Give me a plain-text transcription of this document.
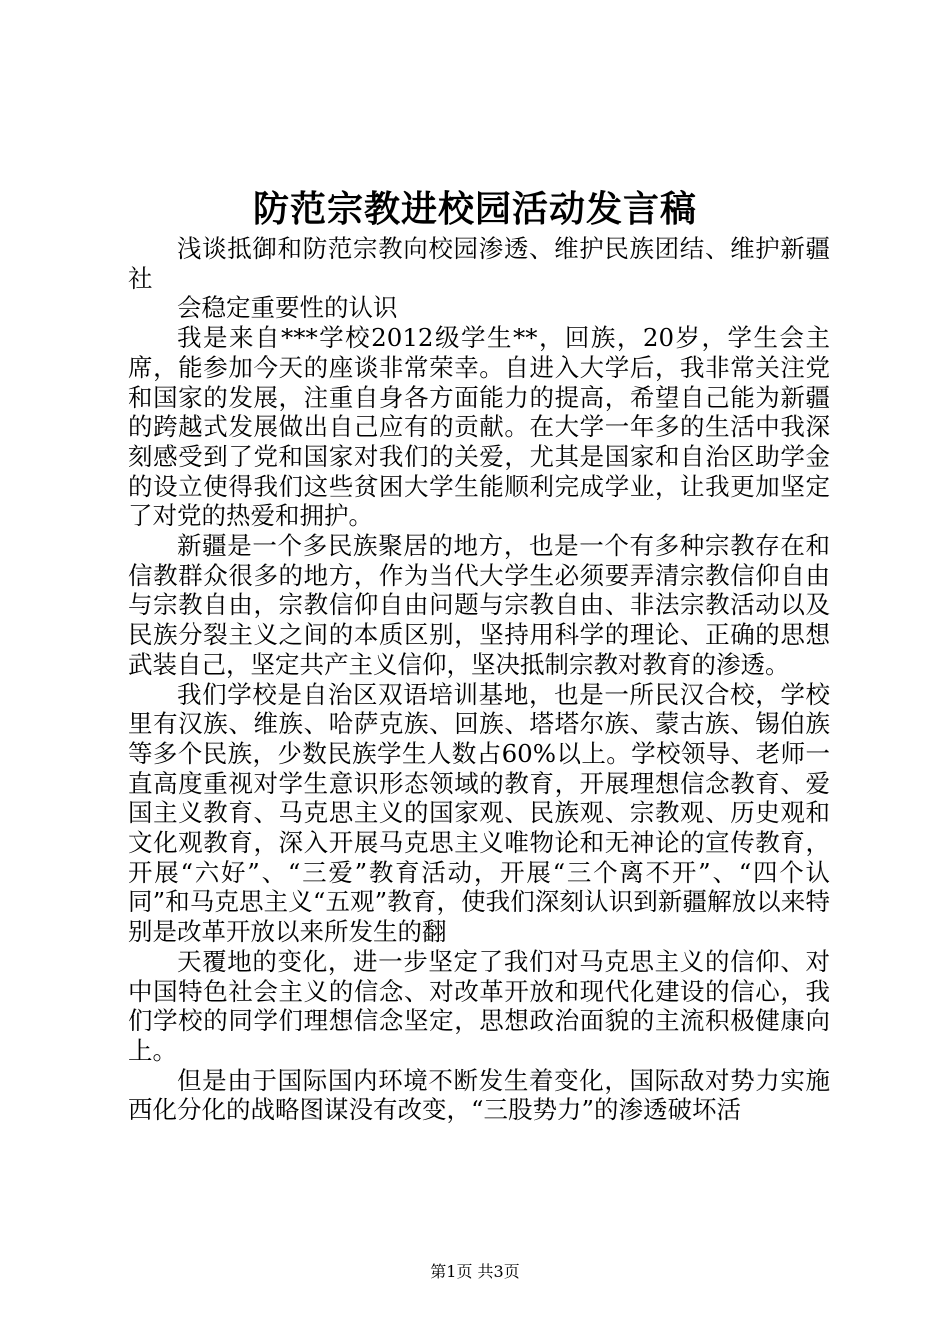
防范宗教进校园活动发言稿

浅谈抵御和防范宗教向校园渗透、维护民族团结、维护新疆社

会稳定重要性的认识

我是来自***学校2012级学生**，回族，20岁，学生会主席，能参加今天的座谈非常荣幸。自进入大学后，我非常关注党和国家的发展，注重自身各方面能力的提高，希望自己能为新疆的跨越式发展做出自己应有的贡献。在大学一年多的生活中我深刻感受到了党和国家对我们的关爱，尤其是国家和自治区助学金的设立使得我们这些贫困大学生能顺利完成学业，让我更加坚定了对党的热爱和拥护。

新疆是一个多民族聚居的地方，也是一个有多种宗教存在和信教群众很多的地方，作为当代大学生必须要弄清宗教信仰自由与宗教自由，宗教信仰自由问题与宗教自由、非法宗教活动以及民族分裂主义之间的本质区别，坚持用科学的理论、正确的思想武装自己，坚定共产主义信仰，坚决抵制宗教对教育的渗透。

我们学校是自治区双语培训基地，也是一所民汉合校，学校里有汉族、维族、哈萨克族、回族、塔塔尔族、蒙古族、锡伯族等多个民族，少数民族学生人数占60%以上。学校领导、老师一直高度重视对学生意识形态领域的教育，开展理想信念教育、爱国主义教育、马克思主义的国家观、民族观、宗教观、历史观和文化观教育，深入开展马克思主义唯物论和无神论的宣传教育，开展“六好”、“三爱”教育活动，开展“三个离不开”、“四个认同”和马克思主义“五观”教育，使我们深刻认识到新疆解放以来特别是改革开放以来所发生的翻

天覆地的变化，进一步坚定了我们对马克思主义的信仰、对中国特色社会主义的信念、对改革开放和现代化建设的信心，我们学校的同学们理想信念坚定，思想政治面貌的主流积极健康向上。

但是由于国际国内环境不断发生着变化，国际敌对势力实施西化分化的战略图谋没有改变，“三股势力”的渗透破坏活

第1页 共3页
